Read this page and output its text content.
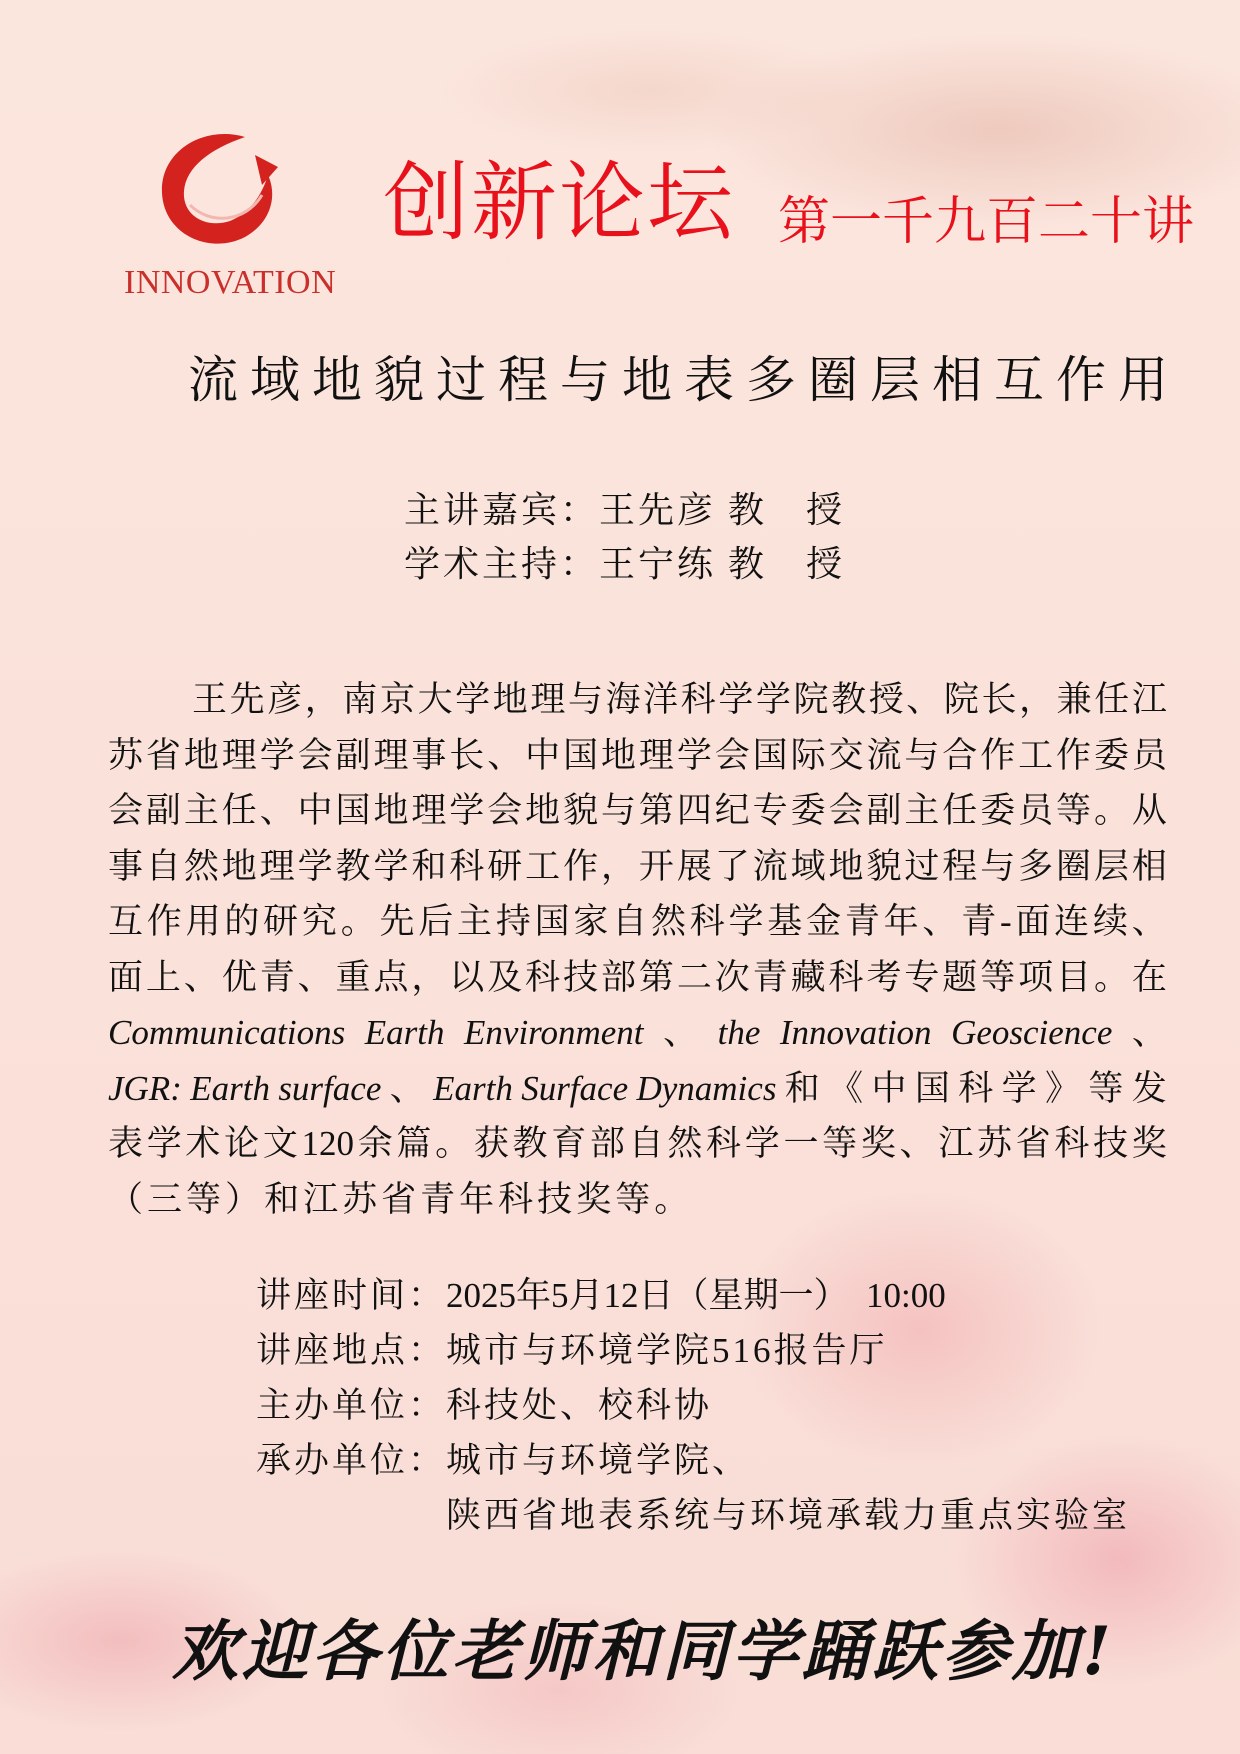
INNOVATION
创新论坛 第一千九百二十讲
流域地貌过程与地表多圈层相互作用
主讲嘉宾：王先彦 教　授
学术主持：王宁练 教　授
王 先 彦 ， 南 京 大 学 地 理 与 海 洋 科 学 学 院 教 授 、 院 长 ， 兼 任 江
苏 省 地 理 学 会 副 理 事 长 、 中 国 地 理 学 会 国 际 交 流 与 合 作 工 作 委 员
会 副 主 任 、 中 国 地 理 学 会 地 貌 与 第 四 纪 专 委 会 副 主 任 委 员 等 。 从
事 自 然 地 理 学 教 学 和 科 研 工 作 ， 开 展 了 流 域 地 貌 过 程 与 多 圈 层 相
互 作 用 的 研 究 。 先 后 主 持 国 家 自 然 科 学 基 金 青 年 、 青 - 面 连 续 、
面 上 、 优 青 、 重 点 ， 以 及 科 技 部 第 二 次 青 藏 科 考 专 题 等 项 目 。 在
Communications Earth Environment 、 the Innovation Geoscience 、
JGR: Earth surface 、 Earth Surface Dynamics 和 《 中 国 科 学 》 等 发
表 学 术 论 文 120 余 篇 。 获 教 育 部 自 然 科 学 一 等 奖 、 江 苏 省 科 技 奖
（ 三 等 ） 和 江 苏 省 青 年 科 技 奖 等 。
讲座时间： 2025年5月12日（星期一）　10:00
讲座地点： 城市与环境学院516报告厅
主办单位： 科技处、校科协
承办单位： 城市与环境学院、
陕西省地表系统与环境承载力重点实验室
欢迎各位老师和同学踊跃参加!
